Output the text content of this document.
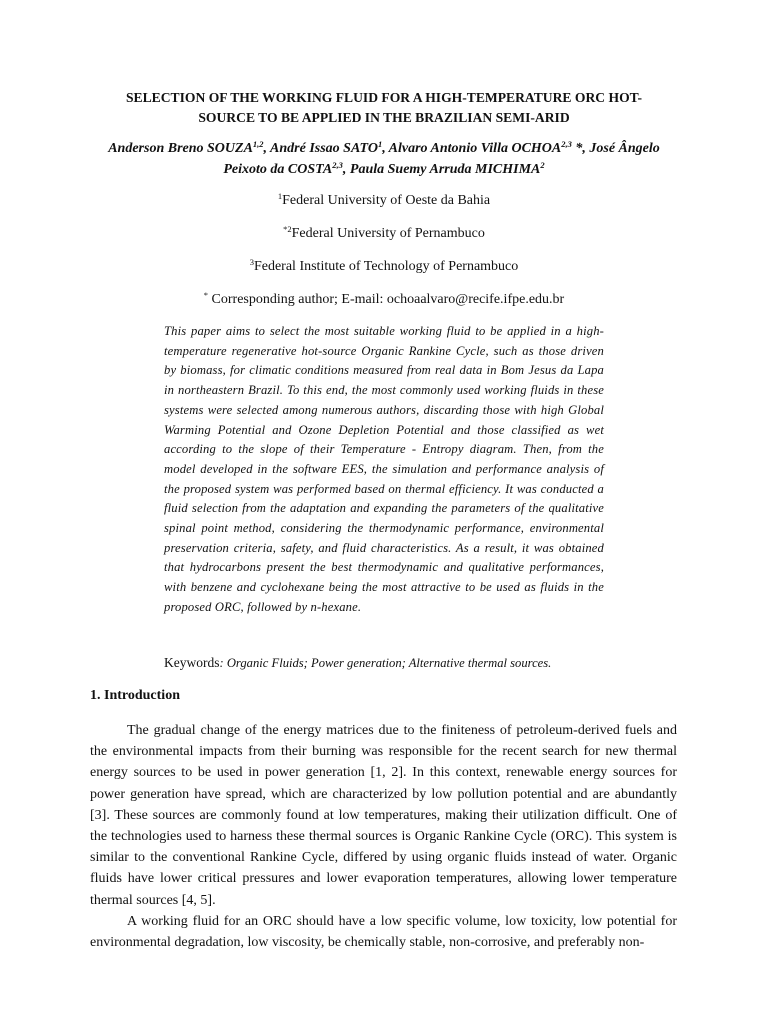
SELECTION OF THE WORKING FLUID FOR A HIGH-TEMPERATURE ORC HOT-
SOURCE TO BE APPLIED IN THE BRAZILIAN SEMI-ARID
Anderson Breno SOUZA$^{1,2}$, André Issao SATO$^1$, Alvaro Antonio Villa OCHOA$^{2,3}$ *, José Ângelo Peixoto da COSTA$^{2,3}$, Paula Suemy Arruda MICHIMA$^2$
$^1$Federal University of Oeste da Bahia
$^{*2}$Federal University of Pernambuco
$^3$Federal Institute of Technology of Pernambuco
* Corresponding author; E-mail: ochoaalvaro@recife.ifpe.edu.br
This paper aims to select the most suitable working fluid to be applied in a high-temperature regenerative hot-source Organic Rankine Cycle, such as those driven by biomass, for climatic conditions measured from real data in Bom Jesus da Lapa in northeastern Brazil. To this end, the most commonly used working fluids in these systems were selected among numerous authors, discarding those with high Global Warming Potential and Ozone Depletion Potential and those classified as wet according to the slope of their Temperature - Entropy diagram. Then, from the model developed in the software EES, the simulation and performance analysis of the proposed system was performed based on thermal efficiency. It was conducted a fluid selection from the adaptation and expanding the parameters of the qualitative spinal point method, considering the thermodynamic performance, environmental preservation criteria, safety, and fluid characteristics. As a result, it was obtained that hydrocarbons present the best thermodynamic and qualitative performances, with benzene and cyclohexane being the most attractive to be used as fluids in the proposed ORC, followed by n-hexane.
Keywords: Organic Fluids; Power generation; Alternative thermal sources.
1. Introduction

The gradual change of the energy matrices due to the finiteness of petroleum-derived fuels and the environmental impacts from their burning was responsible for the recent search for new thermal energy sources to be used in power generation [1, 2]. In this context, renewable energy sources for power generation have spread, which are characterized by low pollution potential and are abundantly [3]. These sources are commonly found at low temperatures, making their utilization difficult. One of the technologies used to harness these thermal sources is Organic Rankine Cycle (ORC). This system is similar to the conventional Rankine Cycle, differed by using organic fluids instead of water. Organic fluids have lower critical pressures and lower evaporation temperatures, allowing lower temperature thermal sources [4, 5].

A working fluid for an ORC should have a low specific volume, low toxicity, low potential for environmental degradation, low viscosity, be chemically stable, non-corrosive, and preferably non-
